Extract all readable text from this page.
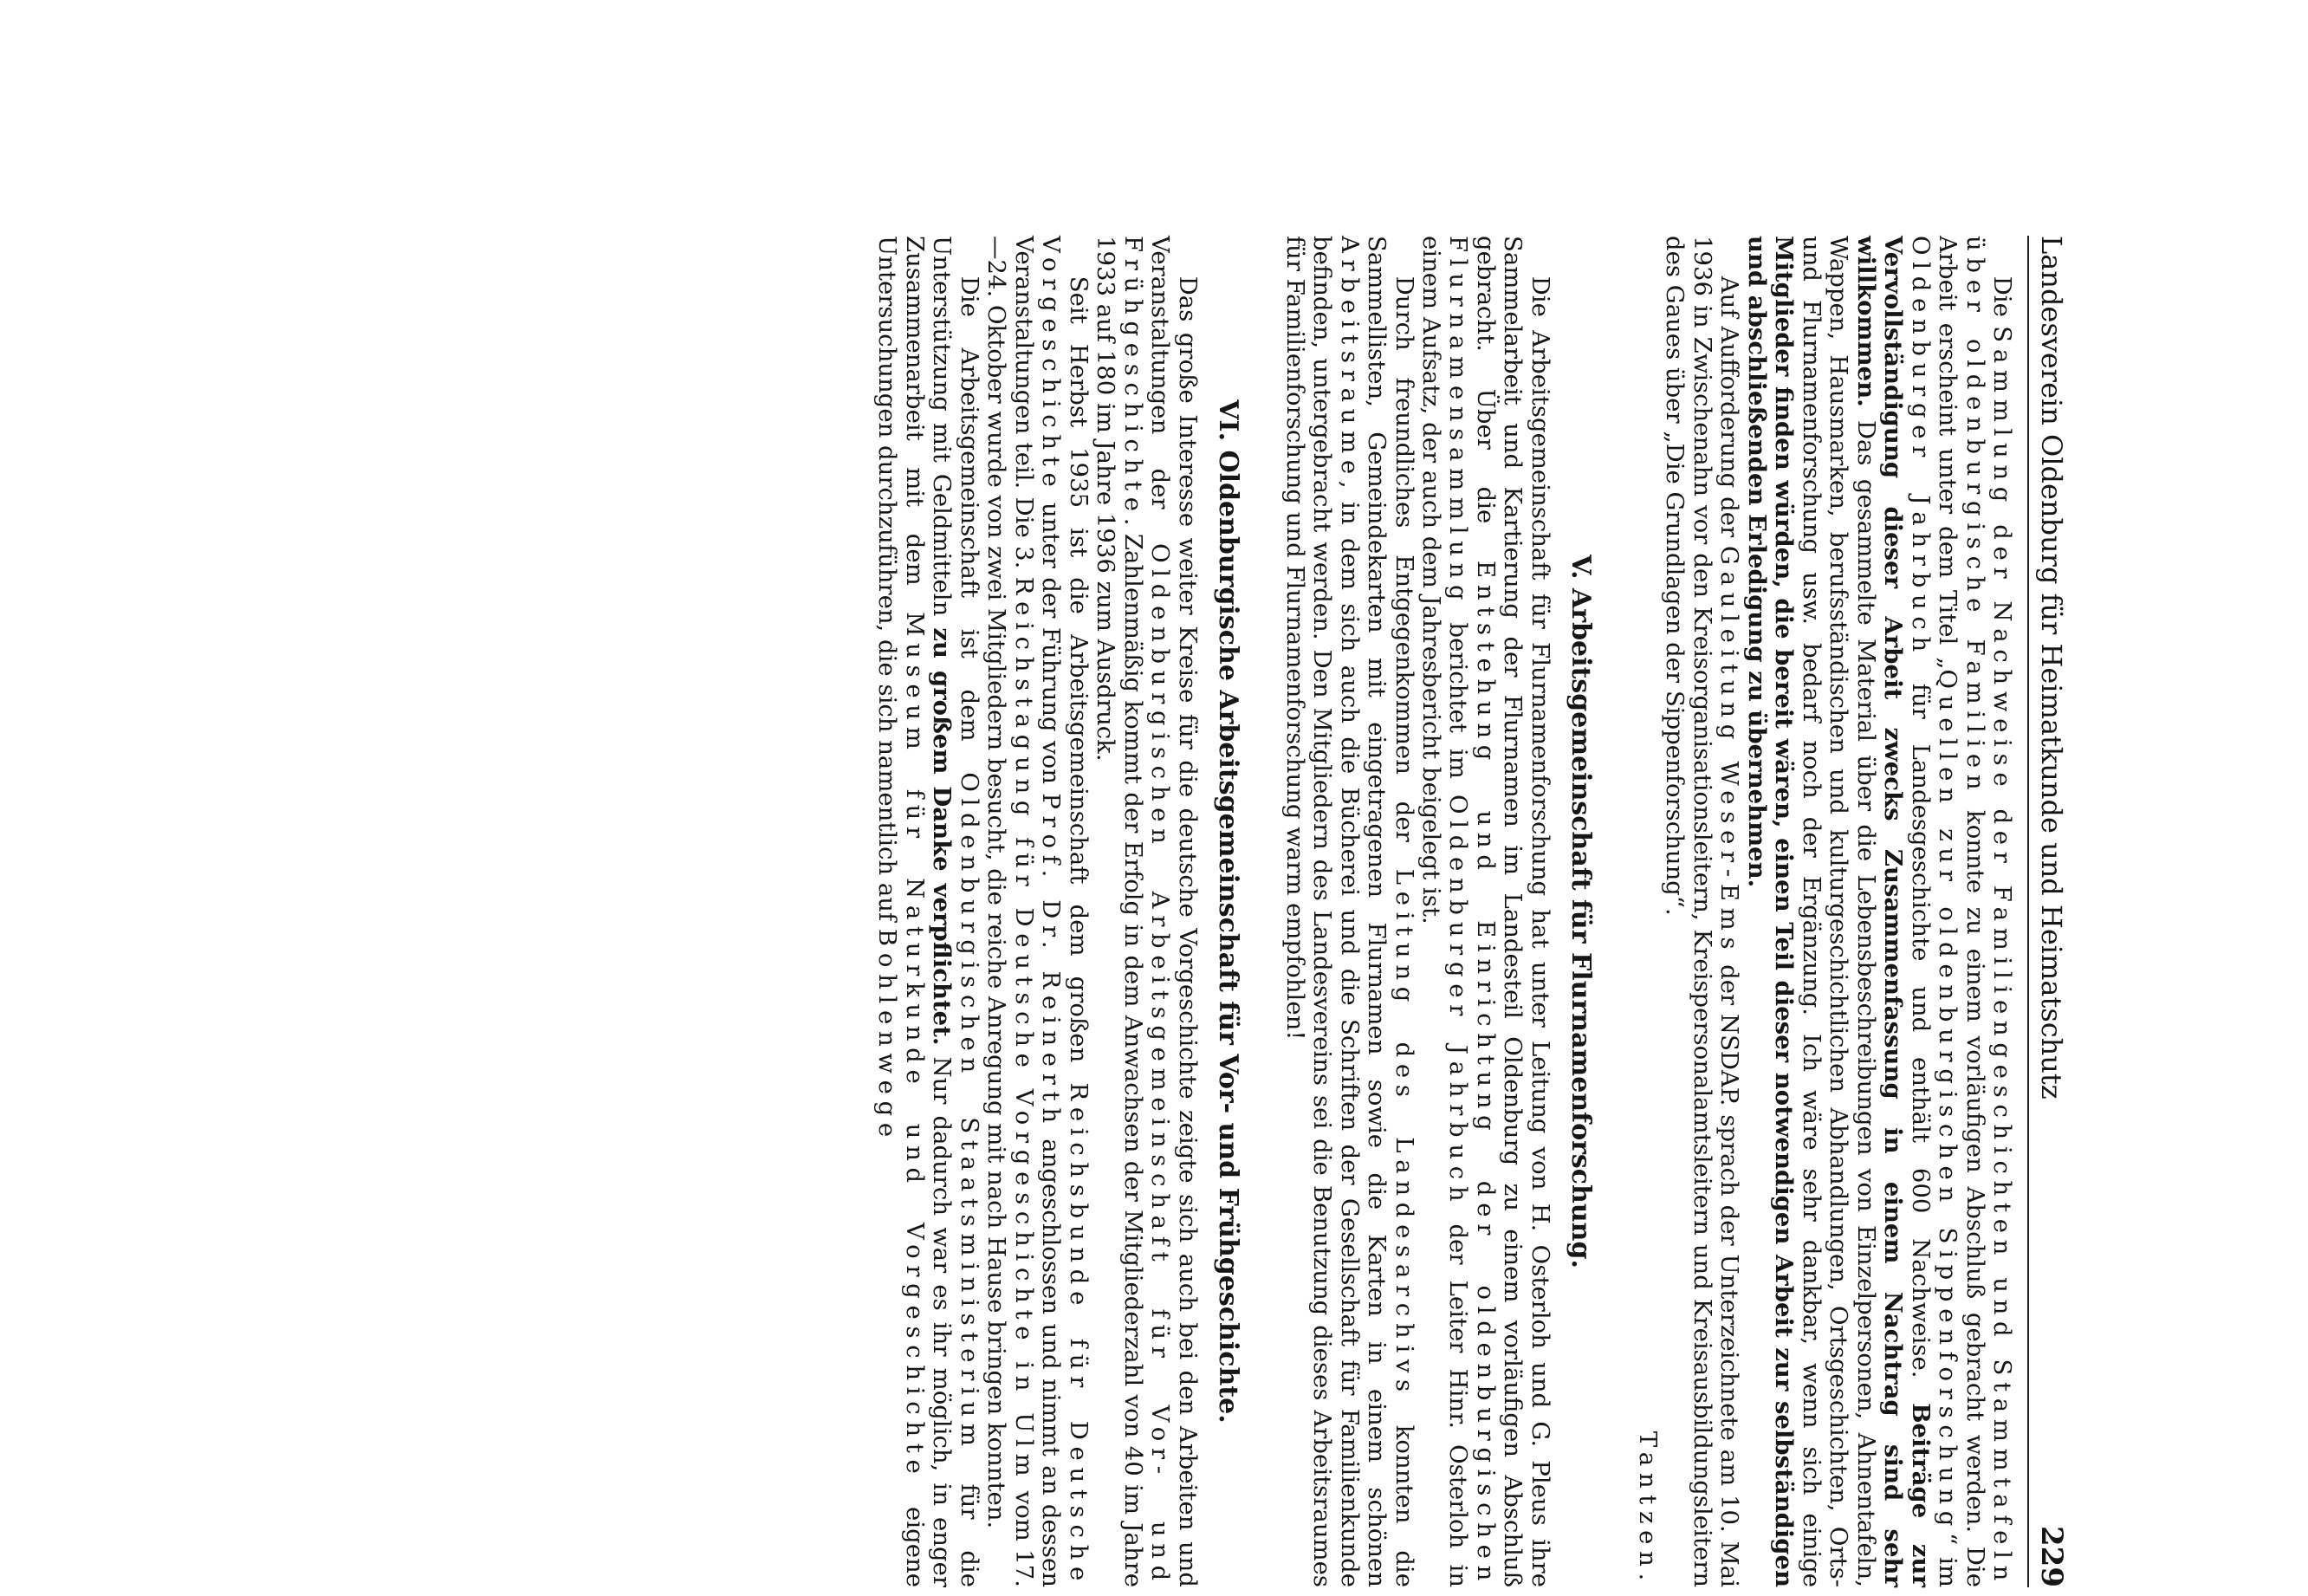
Landesverein Oldenburg für Heimatkunde und Heimatschutz
229

Die Sammlung der Nachweise der Familiengeschichten und Stammtafeln über oldenburgische Familien konnte zu einem vorläufigen Abschluß gebracht werden. Die Arbeit erscheint unter dem Titel „Quellen zur oldenburgischen Sippenforschung“ im Oldenburger Jahrbuch für Landesgeschichte und enthält 600 Nachweise. Beiträge zur Vervollständigung dieser Arbeit zwecks Zusammenfassung in einem Nachtrag sind sehr willkommen. Das gesammelte Material über die Lebensbeschreibungen von Einzelpersonen, Ahnentafeln, Wappen, Hausmarken, berufsständischen und kulturgeschichtlichen Abhandlungen, Ortsgeschichten, Orts- und Flurnamenforschung usw. bedarf noch der Ergänzung. Ich wäre sehr dankbar, wenn sich einige Mitglieder finden würden, die bereit wären, einen Teil dieser notwendigen Arbeit zur selbständigen und abschließenden Erledigung zu übernehmen.

Auf Aufforderung der Gauleitung Weser-Ems der NSDAP. sprach der Unterzeichnete am 10. Mai 1936 in Zwischenahn vor den Kreisorganisationsleitern, Kreispersonalamtsleitern und Kreisausbildungsleitern des Gaues über „Die Grundlagen der Sippenforschung“.

Tantzen.
V. Arbeitsgemeinschaft für Flurnamenforschung.

Die Arbeitsgemeinschaft für Flurnamenforschung hat unter Leitung von H. Osterloh und G. Pleus ihre Sammelarbeit und Kartierung der Flurnamen im Landesteil Oldenburg zu einem vorläufigen Abschluß gebracht. Über die Entstehung und Einrichtung der oldenburgischen Flurnamensammlung berichtet im Oldenburger Jahrbuch der Leiter Hinr. Osterloh in einem Aufsatz, der auch dem Jahresbericht beigelegt ist.

Durch freundliches Entgegenkommen der Leitung des Landesarchivs konnten die Sammellisten, Gemeindekarten mit eingetragenen Flurnamen sowie die Karten in einem schönen Arbeitsraume, in dem sich auch die Bücherei und die Schriften der Gesellschaft für Familienkunde befinden, untergebracht werden. Den Mitgliedern des Landesvereins sei die Benutzung dieses Arbeitsraumes für Familienforschung und Flurnamenforschung warm empfohlen!

VI. Oldenburgische Arbeitsgemeinschaft für Vor- und Frühgeschichte.

Das große Interesse weiter Kreise für die deutsche Vorgeschichte zeigte sich auch bei den Arbeiten und Veranstaltungen der Oldenburgischen Arbeitsgemeinschaft für Vor- und Frühgeschichte. Zahlenmäßig kommt der Erfolg in dem Anwachsen der Mitgliederzahl von 40 im Jahre 1933 auf 180 im Jahre 1936 zum Ausdruck.

Seit Herbst 1935 ist die Arbeitsgemeinschaft dem großen Reichsbunde für Deutsche Vorgeschichte unter der Führung von Prof. Dr. Reinerth angeschlossen und nimmt an dessen Veranstaltungen teil. Die 3. Reichstagung für Deutsche Vorgeschichte in Ulm vom 17.—24. Oktober wurde von zwei Mitgliedern besucht, die reiche Anregung mit nach Hause bringen konnten.

Die Arbeitsgemeinschaft ist dem Oldenburgischen Staatsministerium für die Unterstützung mit Geldmitteln zu großem Danke verpflichtet. Nur dadurch war es ihr möglich, in enger Zusammenarbeit mit dem Museum für Naturkunde und Vorgeschichte eigene Untersuchungen durchzuführen, die sich namentlich auf Bohlenwege
